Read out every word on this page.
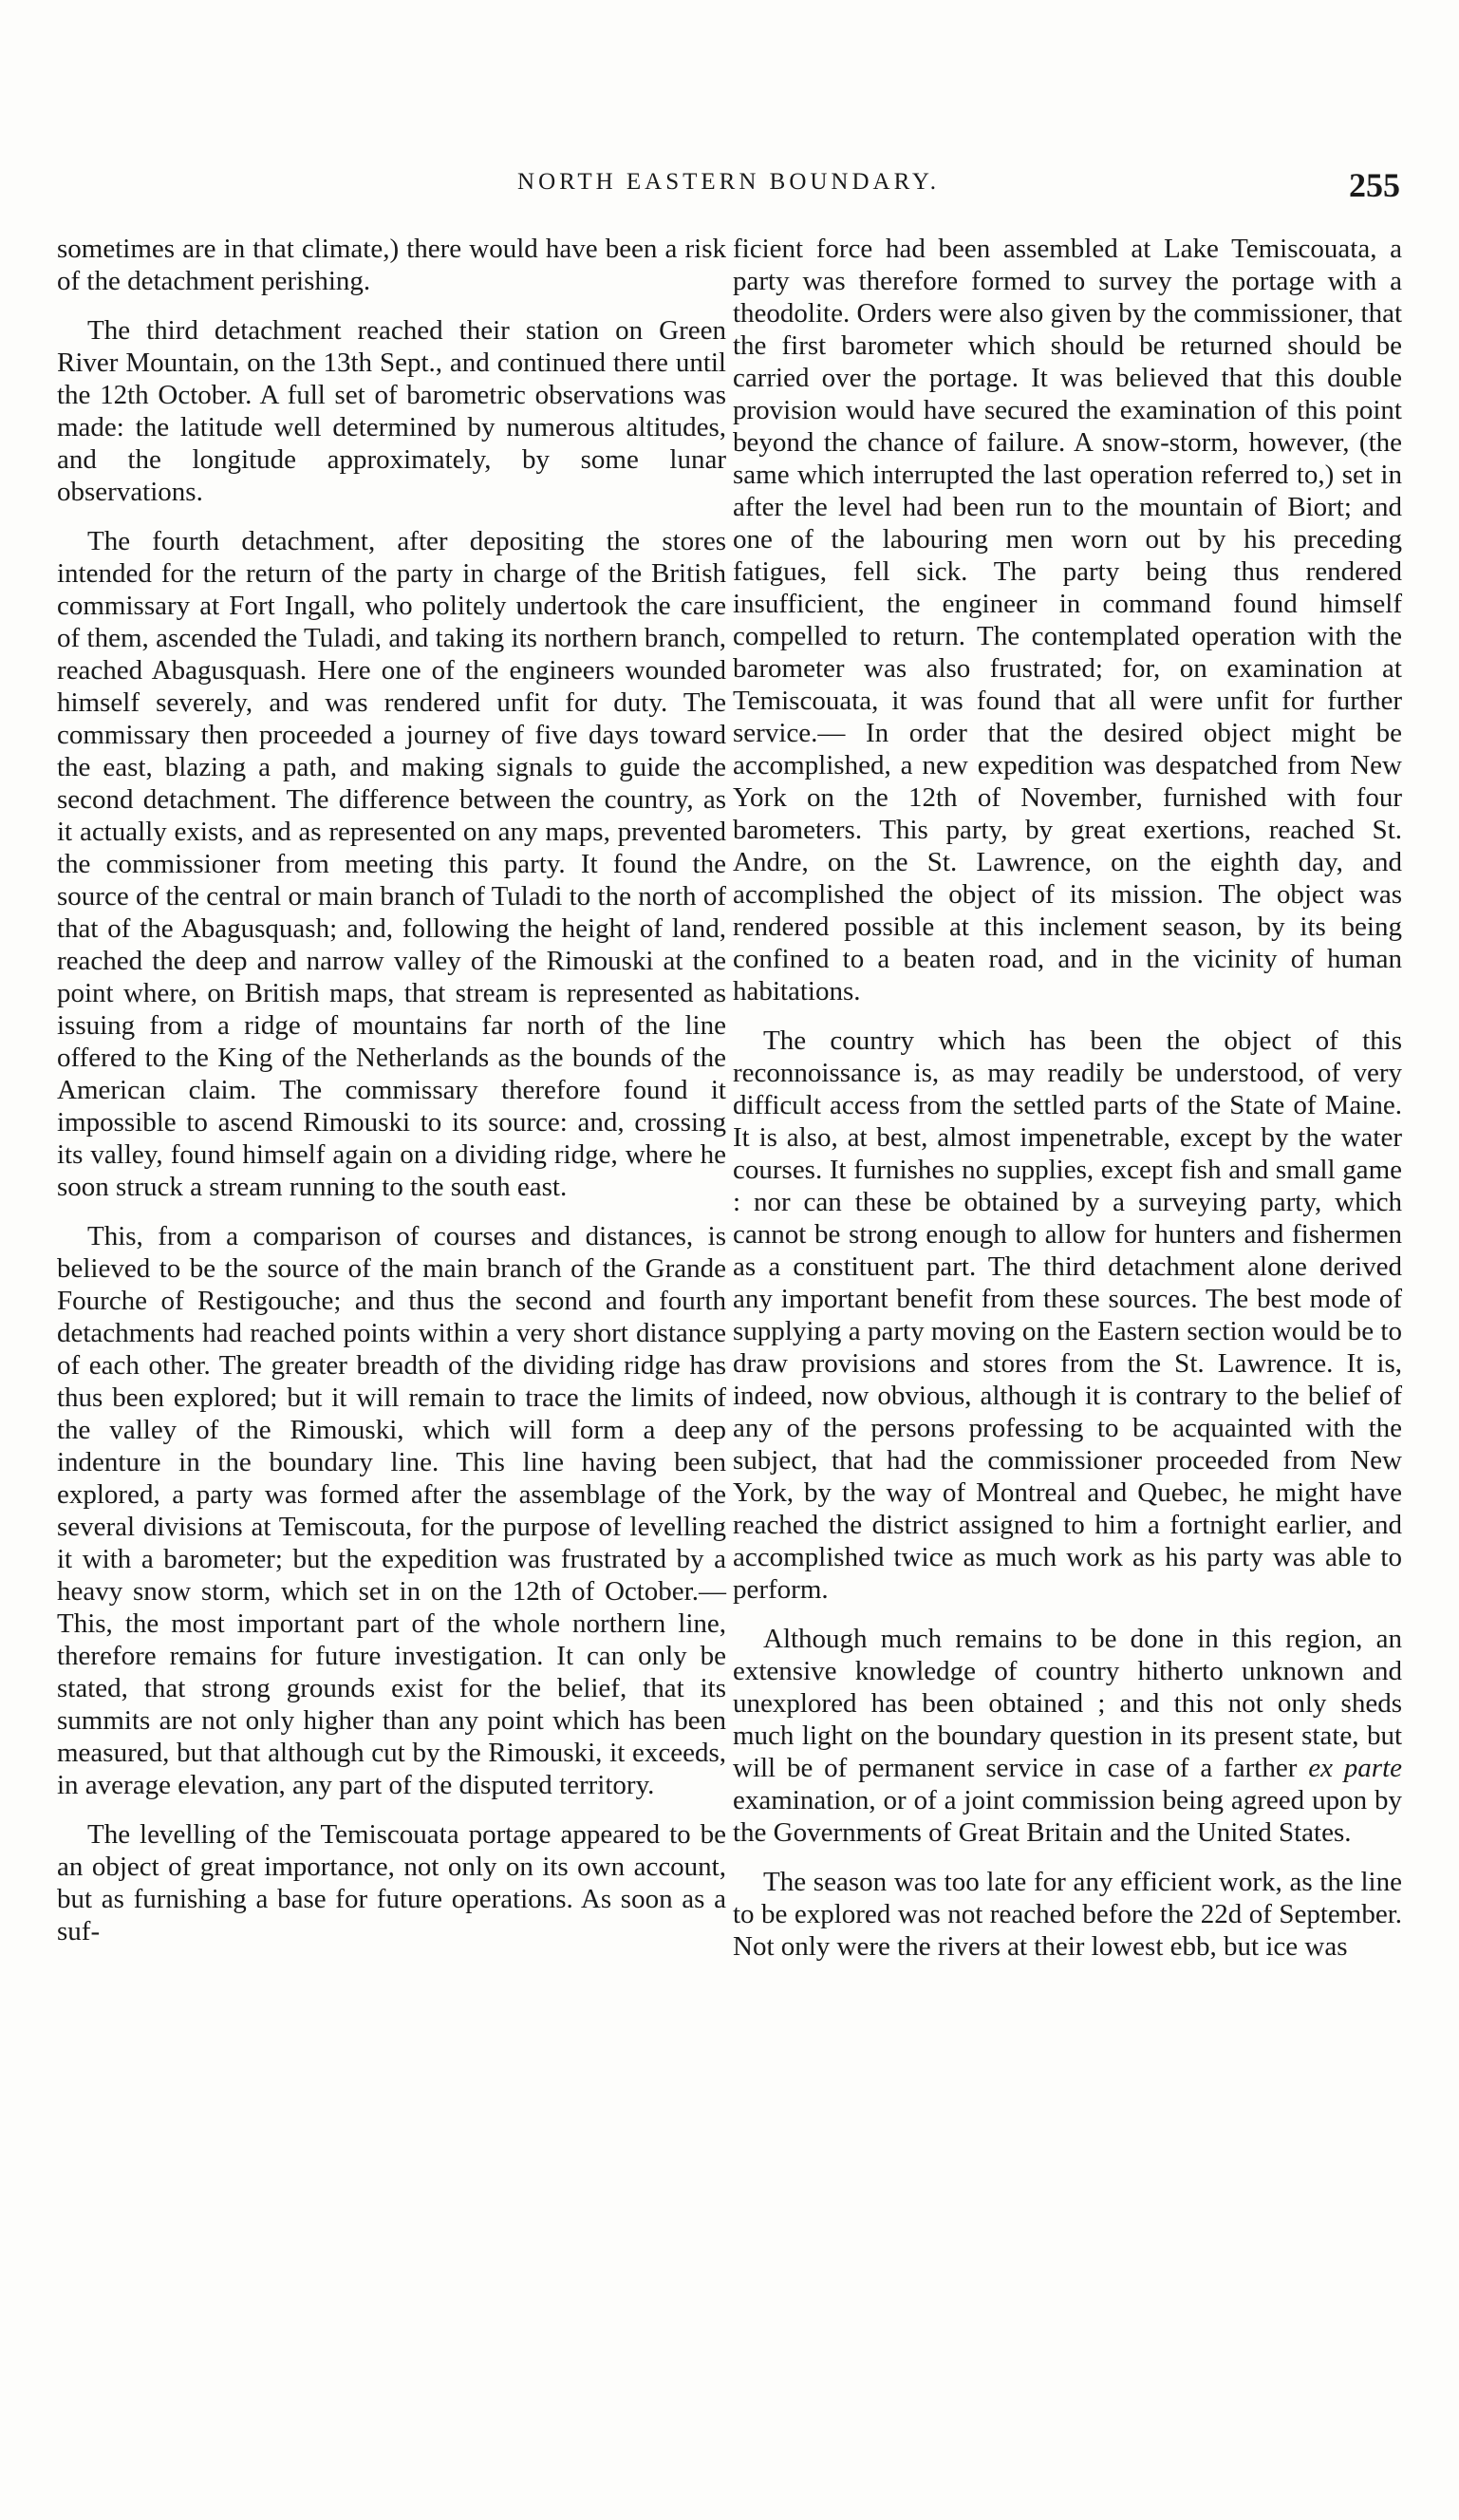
NORTH EASTERN BOUNDARY.	255

sometimes are in that climate,) there would have been a risk of the detachment perishing.

The third detachment reached their station on Green River Mountain, on the 13th Sept., and continued there until the 12th October. A full set of barometric observations was made: the latitude well determined by numerous altitudes, and the longitude approximately, by some lunar observations.

The fourth detachment, after depositing the stores intended for the return of the party in charge of the British commissary at Fort Ingall, who politely undertook the care of them, ascended the Tuladi, and taking its northern branch, reached Abagusquash. Here one of the engineers wounded himself severely, and was rendered unfit for duty. The commissary then proceeded a journey of five days toward the east, blazing a path, and making signals to guide the second detachment. The difference between the country, as it actually exists, and as represented on any maps, prevented the commissioner from meeting this party. It found the source of the central or main branch of Tuladi to the north of that of the Abagusquash; and, following the height of land, reached the deep and narrow valley of the Rimouski at the point where, on British maps, that stream is represented as issuing from a ridge of mountains far north of the line offered to the King of the Netherlands as the bounds of the American claim. The commissary therefore found it impossible to ascend Rimouski to its source: and, crossing its valley, found himself again on a dividing ridge, where he soon struck a stream running to the south east.

This, from a comparison of courses and distances, is believed to be the source of the main branch of the Grande Fourche of Restigouche; and thus the second and fourth detachments had reached points within a very short distance of each other. The greater breadth of the dividing ridge has thus been explored; but it will remain to trace the limits of the valley of the Rimouski, which will form a deep indenture in the boundary line. This line having been explored, a party was formed after the assemblage of the several divisions at Temiscouta, for the purpose of levelling it with a barometer; but the expedition was frustrated by a heavy snow storm, which set in on the 12th of October.— This, the most important part of the whole northern line, therefore remains for future investigation. It can only be stated, that strong grounds exist for the belief, that its summits are not only higher than any point which has been measured, but that although cut by the Rimouski, it exceeds, in average elevation, any part of the disputed territory.

The levelling of the Temiscouata portage appeared to be an object of great importance, not only on its own account, but as furnishing a base for future operations. As soon as a suf-

ficient force had been assembled at Lake Temiscouata, a party was therefore formed to survey the portage with a theodolite. Orders were also given by the commissioner, that the first barometer which should be returned should be carried over the portage. It was believed that this double provision would have secured the examination of this point beyond the chance of failure. A snow-storm, however, (the same which interrupted the last operation referred to,) set in after the level had been run to the mountain of Biort; and one of the labouring men worn out by his preceding fatigues, fell sick. The party being thus rendered insufficient, the engineer in command found himself compelled to return. The contemplated operation with the barometer was also frustrated; for, on examination at Temiscouata, it was found that all were unfit for further service.— In order that the desired object might be accomplished, a new expedition was despatched from New York on the 12th of November, furnished with four barometers. This party, by great exertions, reached St. Andre, on the St. Lawrence, on the eighth day, and accomplished the object of its mission. The object was rendered possible at this inclement season, by its being confined to a beaten road, and in the vicinity of human habitations.

The country which has been the object of this reconnoissance is, as may readily be understood, of very difficult access from the settled parts of the State of Maine. It is also, at best, almost impenetrable, except by the water courses. It furnishes no supplies, except fish and small game : nor can these be obtained by a surveying party, which cannot be strong enough to allow for hunters and fishermen as a constituent part. The third detachment alone derived any important benefit from these sources. The best mode of supplying a party moving on the Eastern section would be to draw provisions and stores from the St. Lawrence. It is, indeed, now obvious, although it is contrary to the belief of any of the persons professing to be acquainted with the subject, that had the commissioner proceeded from New York, by the way of Montreal and Quebec, he might have reached the district assigned to him a fortnight earlier, and accomplished twice as much work as his party was able to perform.

Although much remains to be done in this region, an extensive knowledge of country hitherto unknown and unexplored has been obtained ; and this not only sheds much light on the boundary question in its present state, but will be of permanent service in case of a farther ex parte examination, or of a joint commission being agreed upon by the Governments of Great Britain and the United States.

The season was too late for any efficient work, as the line to be explored was not reached before the 22d of September. Not only were the rivers at their lowest ebb, but ice was
